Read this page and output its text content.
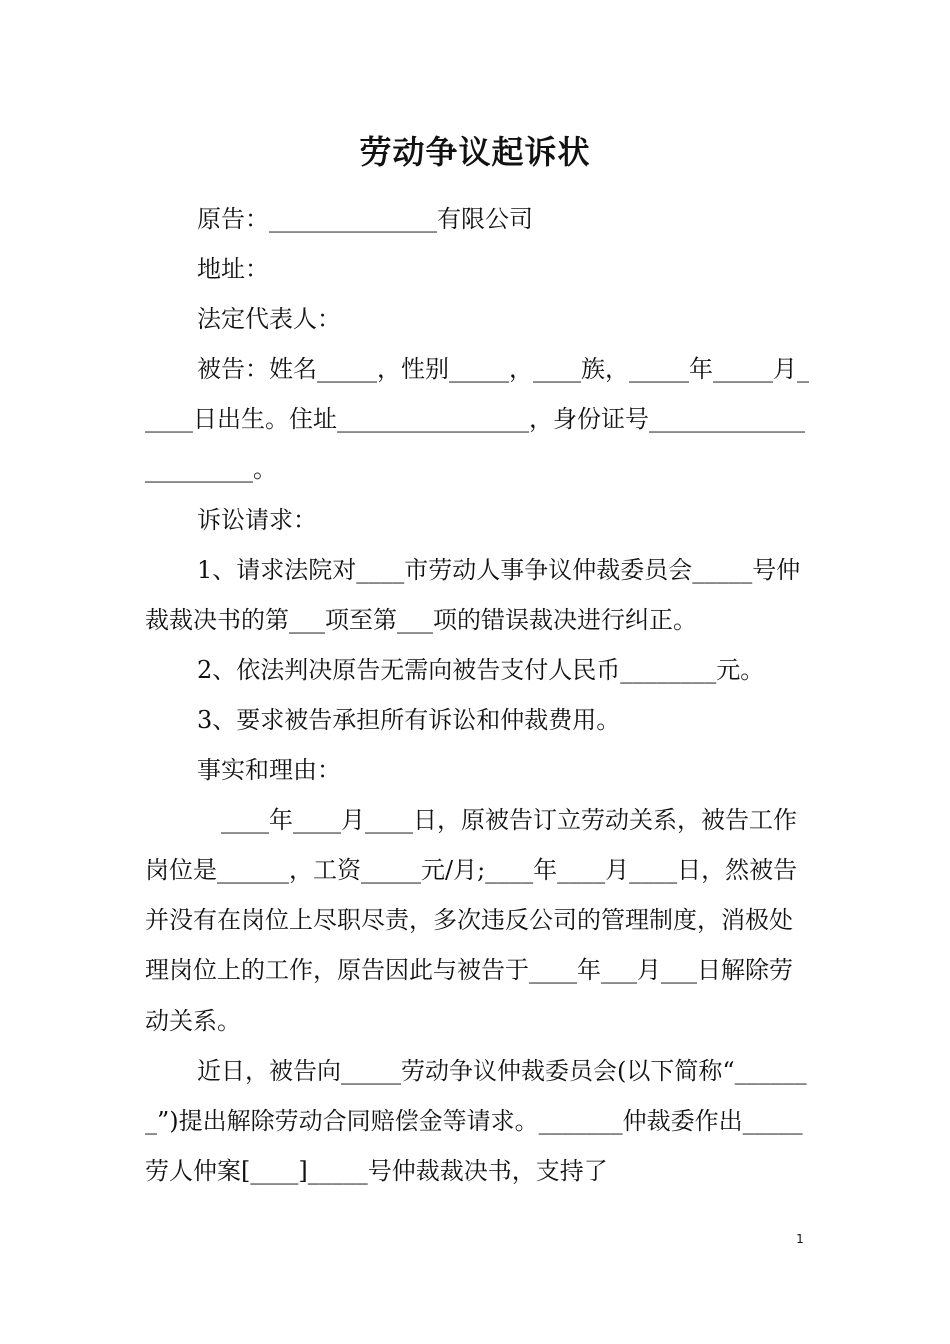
劳动争议起诉状

原告：______________有限公司

地址：

法定代表人：

被告：姓名_____，性别_____，____族，_____年_____月_____日出生。住址________________，身份证号______________________。

诉讼请求：

1、请求法院对____市劳动人事争议仲裁委员会_____号仲裁裁决书的第___项至第___项的错误裁决进行纠正。

2、依法判决原告无需向被告支付人民币________元。

3、要求被告承担所有诉讼和仲裁费用。

事实和理由：

____年____月____日，原被告订立劳动关系，被告工作岗位是______，工资_____元/月;____年____月____日，然被告并没有在岗位上尽职尽责，多次违反公司的管理制度，消极处理岗位上的工作，原告因此与被告于____年___月___日解除劳动关系。

近日，被告向_____劳动争议仲裁委员会(以下简称“_______”)提出解除劳动合同赔偿金等请求。_______仲裁委作出_____劳人仲案[____]_____号仲裁裁决书，支持了

1
